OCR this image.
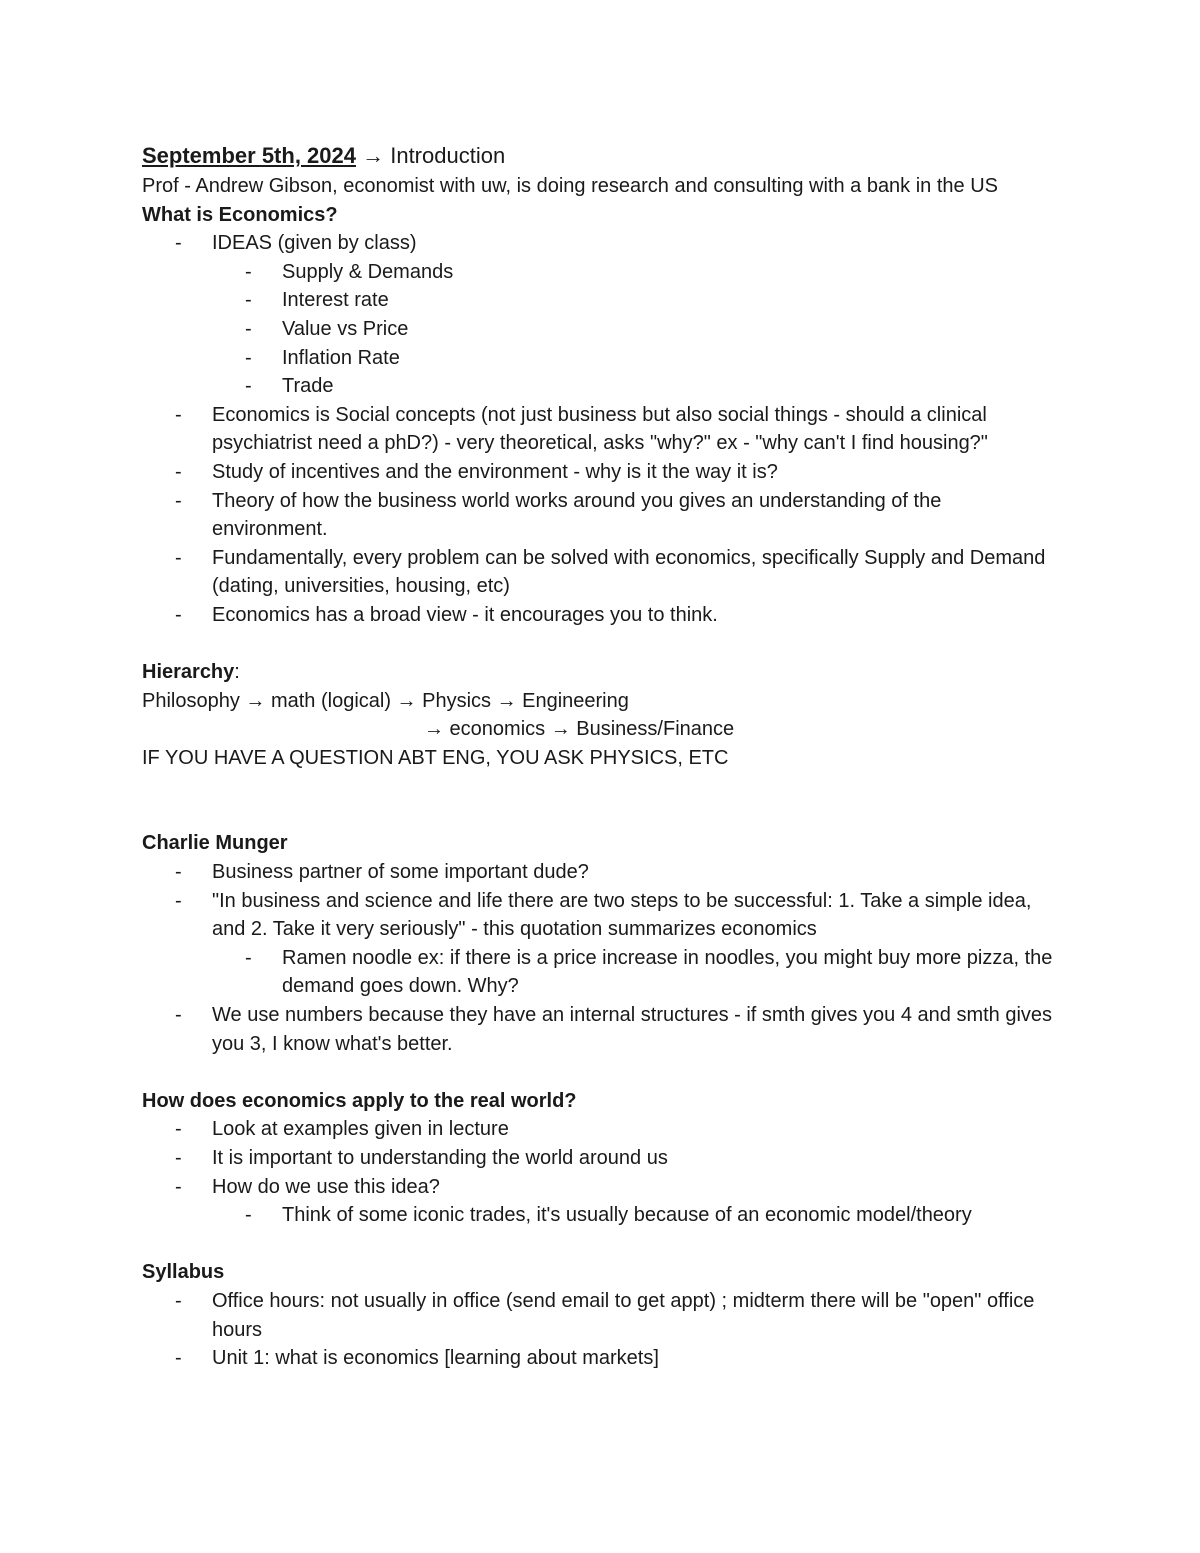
September 5th, 2024 → Introduction

Prof - Andrew Gibson, economist with uw, is doing research and consulting with a bank in the US

What is Economics?

- IDEAS (given by class)
- Supply & Demands
- Interest rate
- Value vs Price
- Inflation Rate
- Trade
- Economics is Social concepts (not just business but also social things - should a clinical psychiatrist need a phD?) - very theoretical, asks "why?" ex - "why can't I find housing?"
- Study of incentives and the environment - why is it the way it is?
- Theory of how the business world works around you gives an understanding of the environment.
- Fundamentally, every problem can be solved with economics, specifically Supply and Demand (dating, universities, housing, etc)
- Economics has a broad view - it encourages you to think.

Hierarchy:

Philosophy → math (logical) → Physics → Engineering

→ economics → Business/Finance

IF YOU HAVE A QUESTION ABT ENG, YOU ASK PHYSICS, ETC

Charlie Munger

- Business partner of some important dude?
- "In business and science and life there are two steps to be successful: 1. Take a simple idea, and 2. Take it very seriously" - this quotation summarizes economics
- Ramen noodle ex: if there is a price increase in noodles, you might buy more pizza, the demand goes down. Why?
- We use numbers because they have an internal structures - if smth gives you 4 and smth gives you 3, I know what's better.

How does economics apply to the real world?

- Look at examples given in lecture
- It is important to understanding the world around us
- How do we use this idea?
- Think of some iconic trades, it's usually because of an economic model/theory

Syllabus

- Office hours: not usually in office (send email to get appt) ; midterm there will be "open" office hours
- Unit 1: what is economics [learning about markets]
